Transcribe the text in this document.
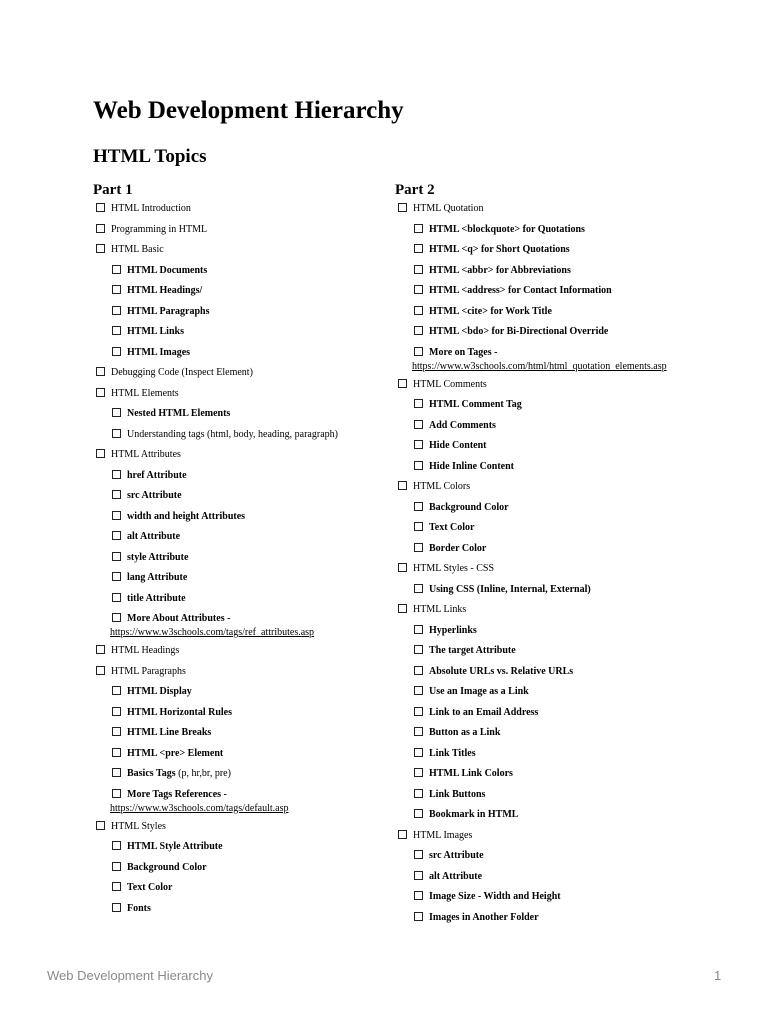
Web Development Hierarchy
HTML Topics
Part 1
HTML Introduction
Programming in HTML
HTML Basic
HTML Documents
HTML Headings/
HTML Paragraphs
HTML Links
HTML Images
Debugging Code (Inspect Element)
HTML Elements
Nested HTML Elements
Understanding tags (html, body, heading, paragraph)
HTML Attributes
href Attribute
src Attribute
width and height Attributes
alt Attribute
style Attribute
lang Attribute
title Attribute
More About Attributes -
https://www.w3schools.com/tags/ref_attributes.asp
HTML Headings
HTML Paragraphs
HTML Display
HTML Horizontal Rules
HTML Line Breaks
HTML <pre> Element
Basics Tags (p, hr,br, pre)
More Tags References -
https://www.w3schools.com/tags/default.asp
HTML Styles
HTML Style Attribute
Background Color
Text Color
Fonts
Part 2
HTML Quotation
HTML <blockquote> for Quotations
HTML <q> for Short Quotations
HTML <abbr> for Abbreviations
HTML <address> for Contact Information
HTML <cite> for Work Title
HTML <bdo> for Bi-Directional Override
More on Tages -
https://www.w3schools.com/html/html_quotation_elements.asp
HTML Comments
HTML Comment Tag
Add Comments
Hide Content
Hide Inline Content
HTML Colors
Background Color
Text Color
Border Color
HTML Styles - CSS
Using CSS (Inline, Internal, External)
HTML Links
Hyperlinks
The target Attribute
Absolute URLs vs. Relative URLs
Use an Image as a Link
Link to an Email Address
Button as a Link
Link Titles
HTML Link Colors
Link Buttons
Bookmark in HTML
HTML Images
src Attribute
alt Attribute
Image Size - Width and Height
Images in Another Folder
Web Development Hierarchy	1
